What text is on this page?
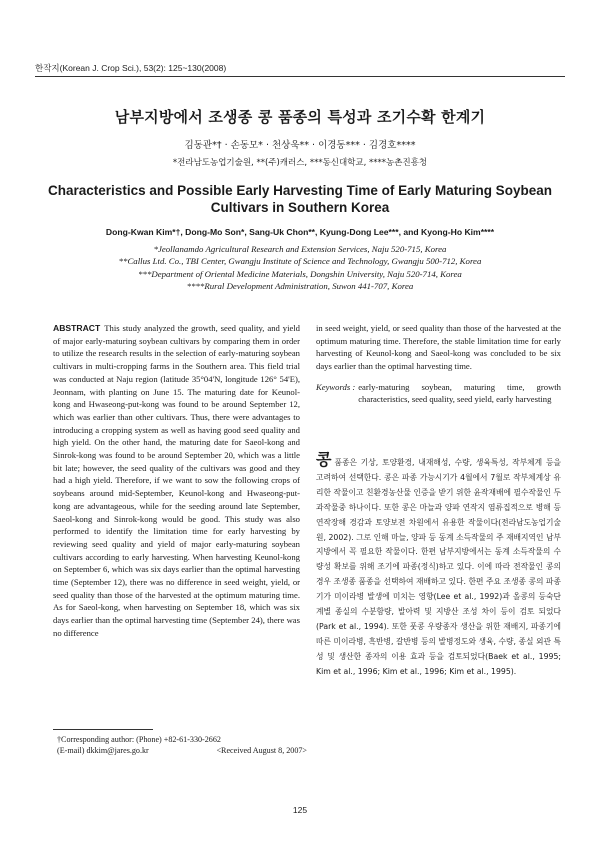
한작지(Korean J. Crop Sci.), 53(2): 125~130(2008)
남부지방에서 조생종 콩 품종의 특성과 조기수확 한계기
김동관*† · 손동모* · 천상욱** · 이경동*** · 김경호****
*전라남도농업기술원, **(주)캐러스, ***동신대학교, ****농촌진흥청
Characteristics and Possible Early Harvesting Time of Early Maturing Soybean Cultivars in Southern Korea
Dong-Kwan Kim*†, Dong-Mo Son*, Sang-Uk Chon**, Kyung-Dong Lee***, and Kyong-Ho Kim****
*Jeollanamdo Agricultural Research and Extension Services, Naju 520-715, Korea
**Callus Ltd. Co., TBI Center, Gwangju Institute of Science and Technology, Gwangju 500-712, Korea
***Department of Oriental Medicine Materials, Dongshin University, Naju 520-714, Korea
****Rural Development Administration, Suwon 441-707, Korea
ABSTRACT This study analyzed the growth, seed quality, and yield of major early-maturing soybean cultivars by comparing them in order to utilize the research results in the selection of early-maturing soybean cultivars in multi-cropping farms in the Southern area. This field trial was conducted at Naju region (latitude 35°04'N, longitude 126° 54'E), Jeonnam, with planting on June 15. The maturing date for Keunol-kong and Hwaseong-put-kong was found to be around September 12, which was earlier than other cultivars. Thus, there were advantages to introducing a cropping system as well as having good seed quality and high yield. On the other hand, the maturing date for Saeol-kong and Sinrok-kong was found to be around September 20, which was a little bit late; however, the seed quality of the cultivars was good and they had a high yield. Therefore, if we want to sow the following crops of soybeans around mid-September, Keunol-kong and Hwaseong-put-kong are advantageous, while for the seeding around late September, Saeol-kong and Sinrok-kong would be good. This study was also performed to identify the limitation time for early harvesting by reviewing seed quality and yield of major early-maturing soybean cultivars according to early harvesting. When harvesting Keunol-kong on September 6, which was six days earlier than the optimal harvesting time (September 12), there was no difference in seed weight, yield, or seed quality than those of the harvested at the optimum maturing time. As for Saeol-kong, when harvesting on September 18, which was six days earlier than the optimal harvesting time (September 24), there was no difference
in seed weight, yield, or seed quality than those of the harvested at the optimum maturing time. Therefore, the stable limitation time for early harvesting of Keunol-kong and Saeol-kong was concluded to be six days earlier than the optimal harvesting time.
Keywords : early-maturing soybean, maturing time, growth characteristics, seed quality, seed yield, early harvesting
콩품종은 기상, 토양환경, 내재해성, 수량, 생육특성, 작부체계 등을 고려하여 선택한다. 콩은 파종 가능시기가 4월에서 7월로 작부체계상 유리한 작물이고 친환경농산물 인증을 받기 위한 윤작재배에 필수작물인 두과작물중 하나이다. 또한 콩은 마늘과 양파 연작지 염류집적으로 병해 등 연작장해 경감과 토양보전 차원에서 유용한 작물이다(전라남도농업기술원, 2002). 그로 인해 마늘, 양파 등 동계 소득작물의 주 재배지역인 남부지방에서 꼭 필요한 작물이다. 한편 남부지방에서는 동계 소득작물의 수량성 확보를 위해 조기에 파종(정식)하고 있다. 이에 따라 전작물인 콩의 경우 조생종 품종을 선택하여 재배하고 있다. 한편 주요 조생종 콩의 파종기가 미이라병 발생에 미치는 영향(Lee et al., 1992)과 올콩의 등숙단계별 종실의 수분함량, 발아력 및 지방산 조성 차이 등이 검토 되었다(Park et al., 1994). 또한 풋콩 우량종자 생산을 위한 재배지, 파종기에 따른 미이라병, 흑반병, 갈반병 등의 발병정도와 생육, 수량, 종실 외관 특성 및 생산한 종자의 이용 효과 등을 검토되었다(Baek et al., 1995; Kim et al., 1996; Kim et al., 1996; Kim et al., 1995).
†Corresponding author: (Phone) +82-61-330-2662
(E-mail) dkkim@jares.go.kr	<Received August 8, 2007>
125
